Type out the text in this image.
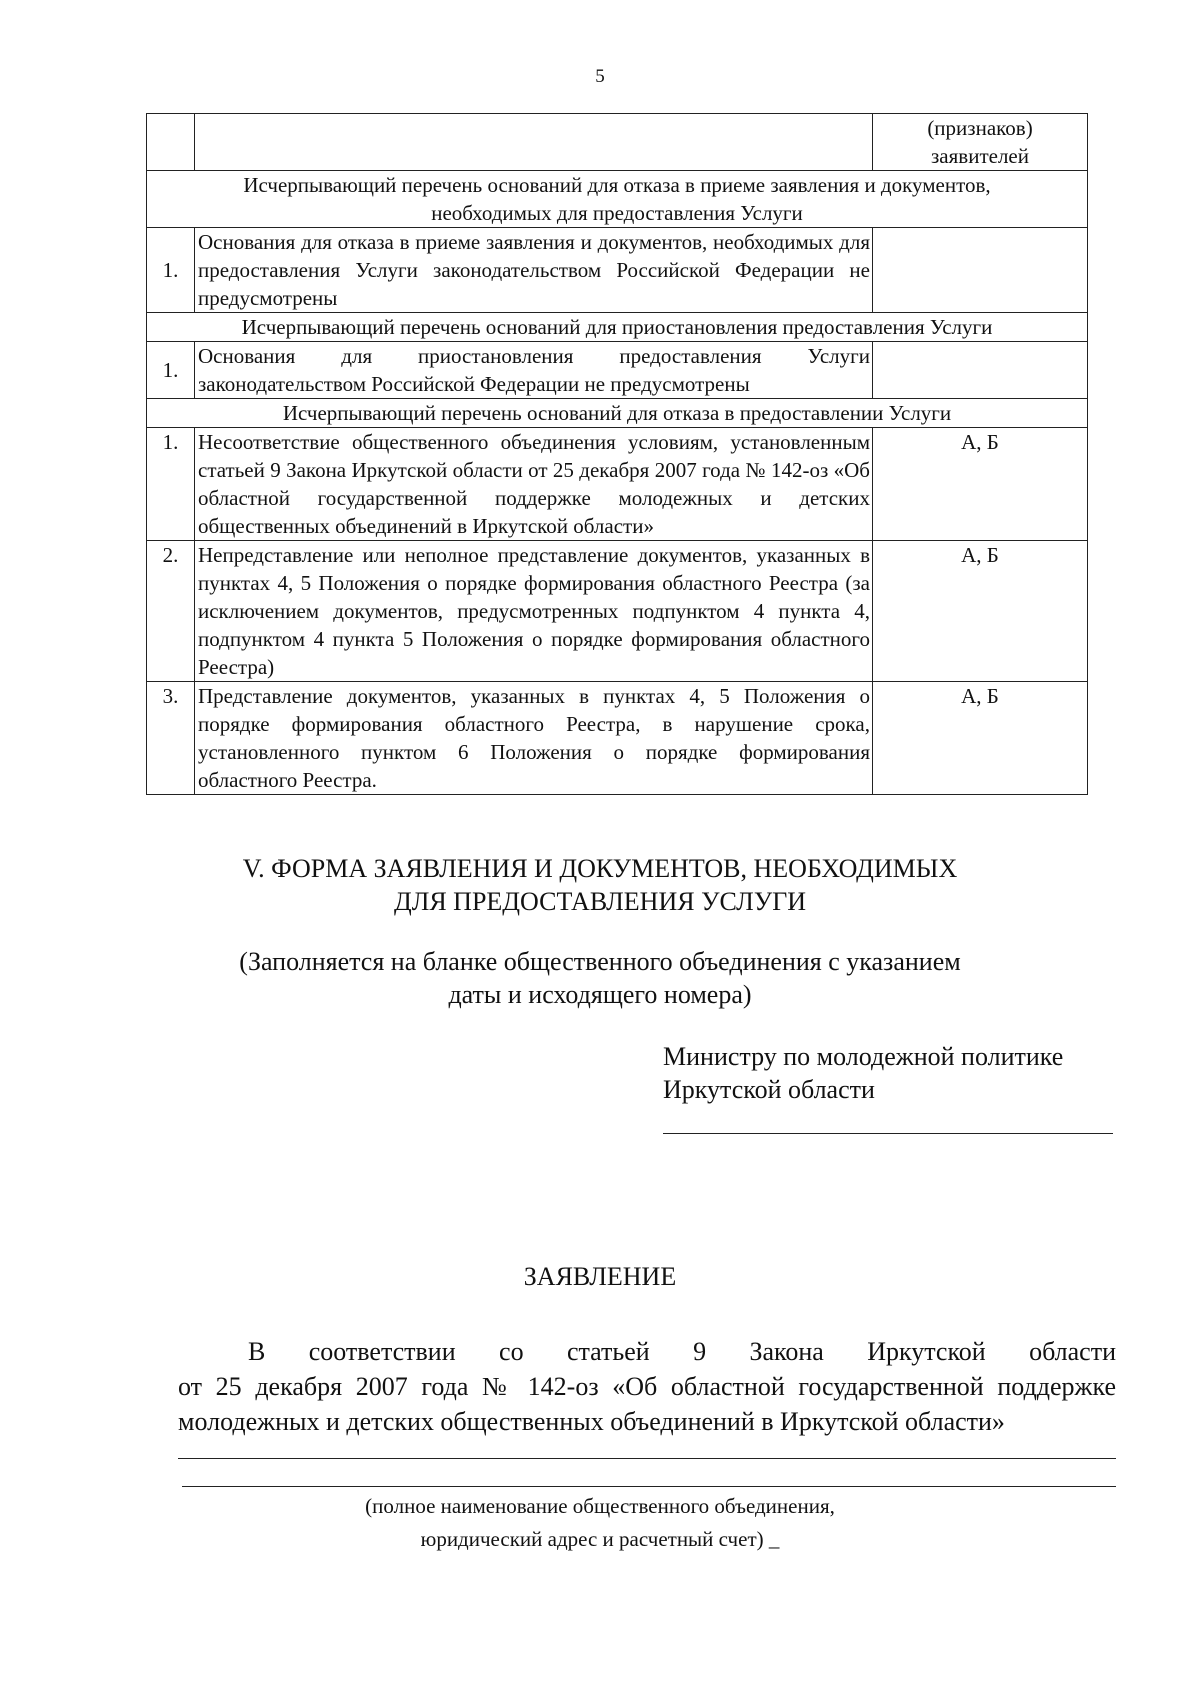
5

		(признаков)
заявителей

Исчерпывающий перечень оснований для отказа в приеме заявления и документов,
необходимых для предоставления Услуги		

1.	Основания для отказа в приеме заявления и документов, необходимых для предоставления Услуги законодательством Российской Федерации не предусмотрены	

Исчерпывающий перечень оснований для приостановления предоставления Услуги		

1.	Основания для приостановления предоставления Услуги законодательством Российской Федерации не предусмотрены	

Исчерпывающий перечень оснований для отказа в предоставлении Услуги		

1.	Несоответствие общественного объединения условиям, установленным статьей 9 Закона Иркутской области от 25 декабря 2007 года № 142-оз «Об областной государственной поддержке молодежных и детских общественных объединений в Иркутской области»	А, Б
2.	Непредставление или неполное представление документов, указанных в пунктах 4, 5 Положения о порядке формирования областного Реестра (за исключением документов, предусмотренных подпунктом 4 пункта 4, подпунктом 4 пункта 5 Положения о порядке формирования областного Реестра)	А, Б
3.	Представление документов, указанных в пунктах 4, 5 Положения о порядке формирования областного Реестра, в нарушение срока, установленного пунктом 6 Положения о порядке формирования областного Реестра.	А, Б
V. ФОРМА ЗАЯВЛЕНИЯ И ДОКУМЕНТОВ, НЕОБХОДИМЫХ
ДЛЯ ПРЕДОСТАВЛЕНИЯ УСЛУГИ
(Заполняется на бланке общественного объединения с указанием
даты и исходящего номера)
Министру по молодежной политике
Иркутской области
ЗАЯВЛЕНИЕ
В соответствии со статьей 9 Закона Иркутской области
от 25 декабря 2007 года № 142-оз «Об областной государственной поддержке молодежных и детских общественных объединений в Иркутской области»
(полное наименование общественного объединения,
юридический адрес и расчетный счет) _
